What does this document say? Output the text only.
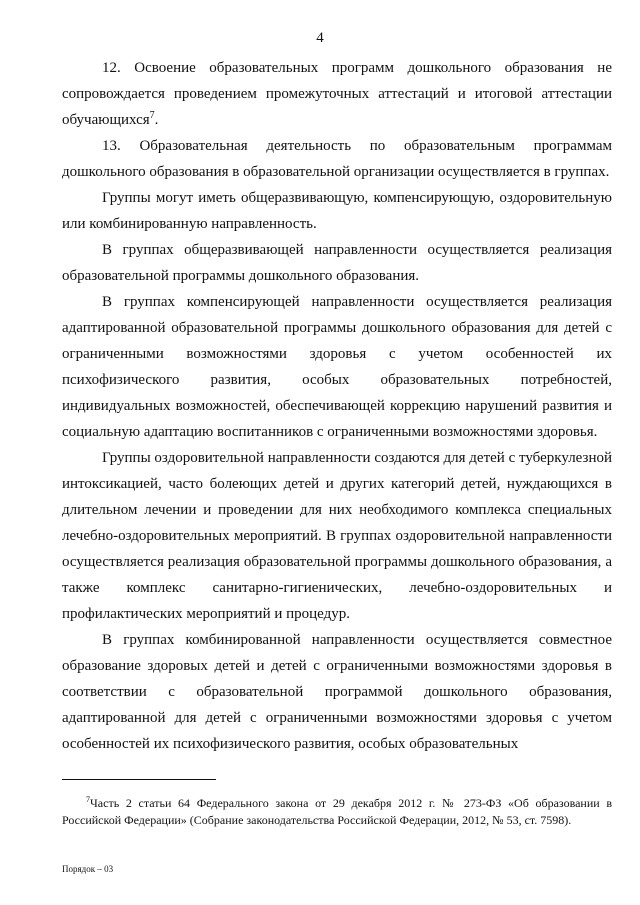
4

12. Освоение образовательных программ дошкольного образования не сопровождается проведением промежуточных аттестаций и итоговой аттестации обучающихся$^7$.

13. Образовательная деятельность по образовательным программам дошкольного образования в образовательной организации осуществляется в группах.

Группы могут иметь общеразвивающую, компенсирующую, оздоровительную или комбинированную направленность.

В группах общеразвивающей направленности осуществляется реализация образовательной программы дошкольного образования.

В группах компенсирующей направленности осуществляется реализация адаптированной образовательной программы дошкольного образования для детей с ограниченными возможностями здоровья с учетом особенностей их психофизического развития, особых образовательных потребностей, индивидуальных возможностей, обеспечивающей коррекцию нарушений развития и социальную адаптацию воспитанников с ограниченными возможностями здоровья.

Группы оздоровительной направленности создаются для детей с туберкулезной интоксикацией, часто болеющих детей и других категорий детей, нуждающихся в длительном лечении и проведении для них необходимого комплекса специальных лечебно-оздоровительных мероприятий. В группах оздоровительной направленности осуществляется реализация образовательной программы дошкольного образования, а также комплекс санитарно-гигиенических, лечебно-оздоровительных и профилактических мероприятий и процедур.

В группах комбинированной направленности осуществляется совместное образование здоровых детей и детей с ограниченными возможностями здоровья в соответствии с образовательной программой дошкольного образования, адаптированной для детей с ограниченными возможностями здоровья с учетом особенностей их психофизического развития, особых образовательных

$^7$Часть 2 статьи 64 Федерального закона от 29 декабря 2012 г. № 273-ФЗ «Об образовании в Российской Федерации» (Собрание законодательства Российской Федерации, 2012, № 53, ст. 7598).
Порядок – 03
